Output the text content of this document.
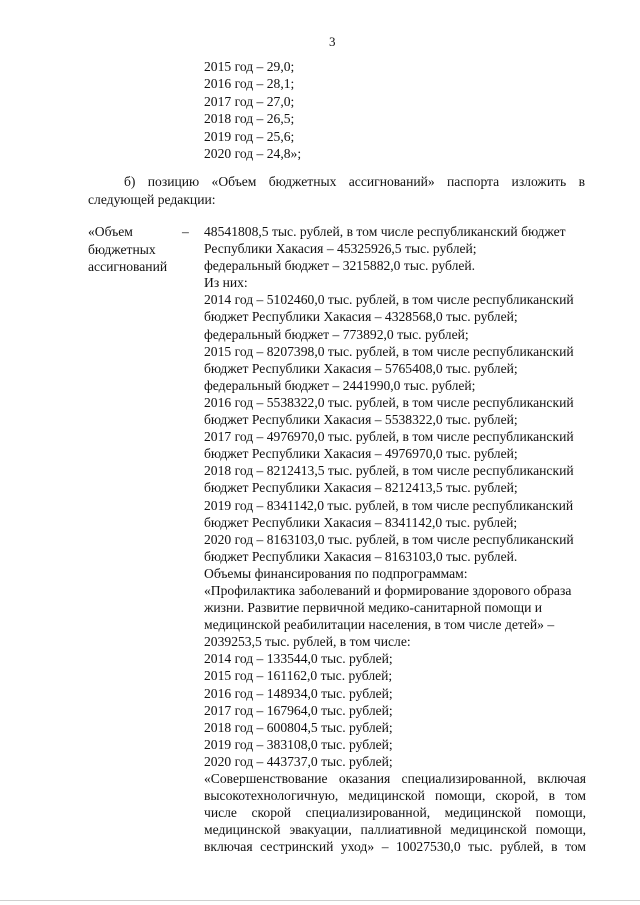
3
2015 год – 29,0;
2016 год – 28,1;
2017 год – 27,0;
2018 год – 26,5;
2019 год – 25,6;
2020 год – 24,8»;
б) позицию «Объем бюджетных ассигнований» паспорта изложить в
следующей редакции:
«Объем
бюджетных
ассигнований
– 48541808,5 тыс. рублей, в том числе республиканский бюджет
Республики Хакасия – 45325926,5 тыс. рублей;
федеральный бюджет – 3215882,0 тыс. рублей.
Из них:
2014 год – 5102460,0 тыс. рублей, в том числе республиканский
бюджет Республики Хакасия – 4328568,0 тыс. рублей;
федеральный бюджет – 773892,0 тыс. рублей;
2015 год – 8207398,0 тыс. рублей, в том числе республиканский
бюджет Республики Хакасия – 5765408,0 тыс. рублей;
федеральный бюджет – 2441990,0 тыс. рублей;
2016 год – 5538322,0 тыс. рублей, в том числе республиканский
бюджет Республики Хакасия – 5538322,0 тыс. рублей;
2017 год – 4976970,0 тыс. рублей, в том числе республиканский
бюджет Республики Хакасия – 4976970,0 тыс. рублей;
2018 год – 8212413,5 тыс. рублей, в том числе республиканский
бюджет Республики Хакасия – 8212413,5 тыс. рублей;
2019 год – 8341142,0 тыс. рублей, в том числе республиканский
бюджет Республики Хакасия – 8341142,0 тыс. рублей;
2020 год – 8163103,0 тыс. рублей, в том числе республиканский
бюджет Республики Хакасия – 8163103,0 тыс. рублей.
Объемы финансирования по подпрограммам:
«Профилактика заболеваний и формирование здорового образа
жизни. Развитие первичной медико-санитарной помощи и
медицинской реабилитации населения, в том числе детей» –
2039253,5 тыс. рублей, в том числе:
2014 год – 133544,0 тыс. рублей;
2015 год – 161162,0 тыс. рублей;
2016 год – 148934,0 тыс. рублей;
2017 год – 167964,0 тыс. рублей;
2018 год – 600804,5 тыс. рублей;
2019 год – 383108,0 тыс. рублей;
2020 год – 443737,0 тыс. рублей;
«Совершенствование оказания специализированной, включая
высокотехнологичную, медицинской помощи, скорой, в том
числе скорой специализированной, медицинской помощи,
медицинской эвакуации, паллиативной медицинской помощи,
включая сестринский уход» – 10027530,0 тыс. рублей, в том
